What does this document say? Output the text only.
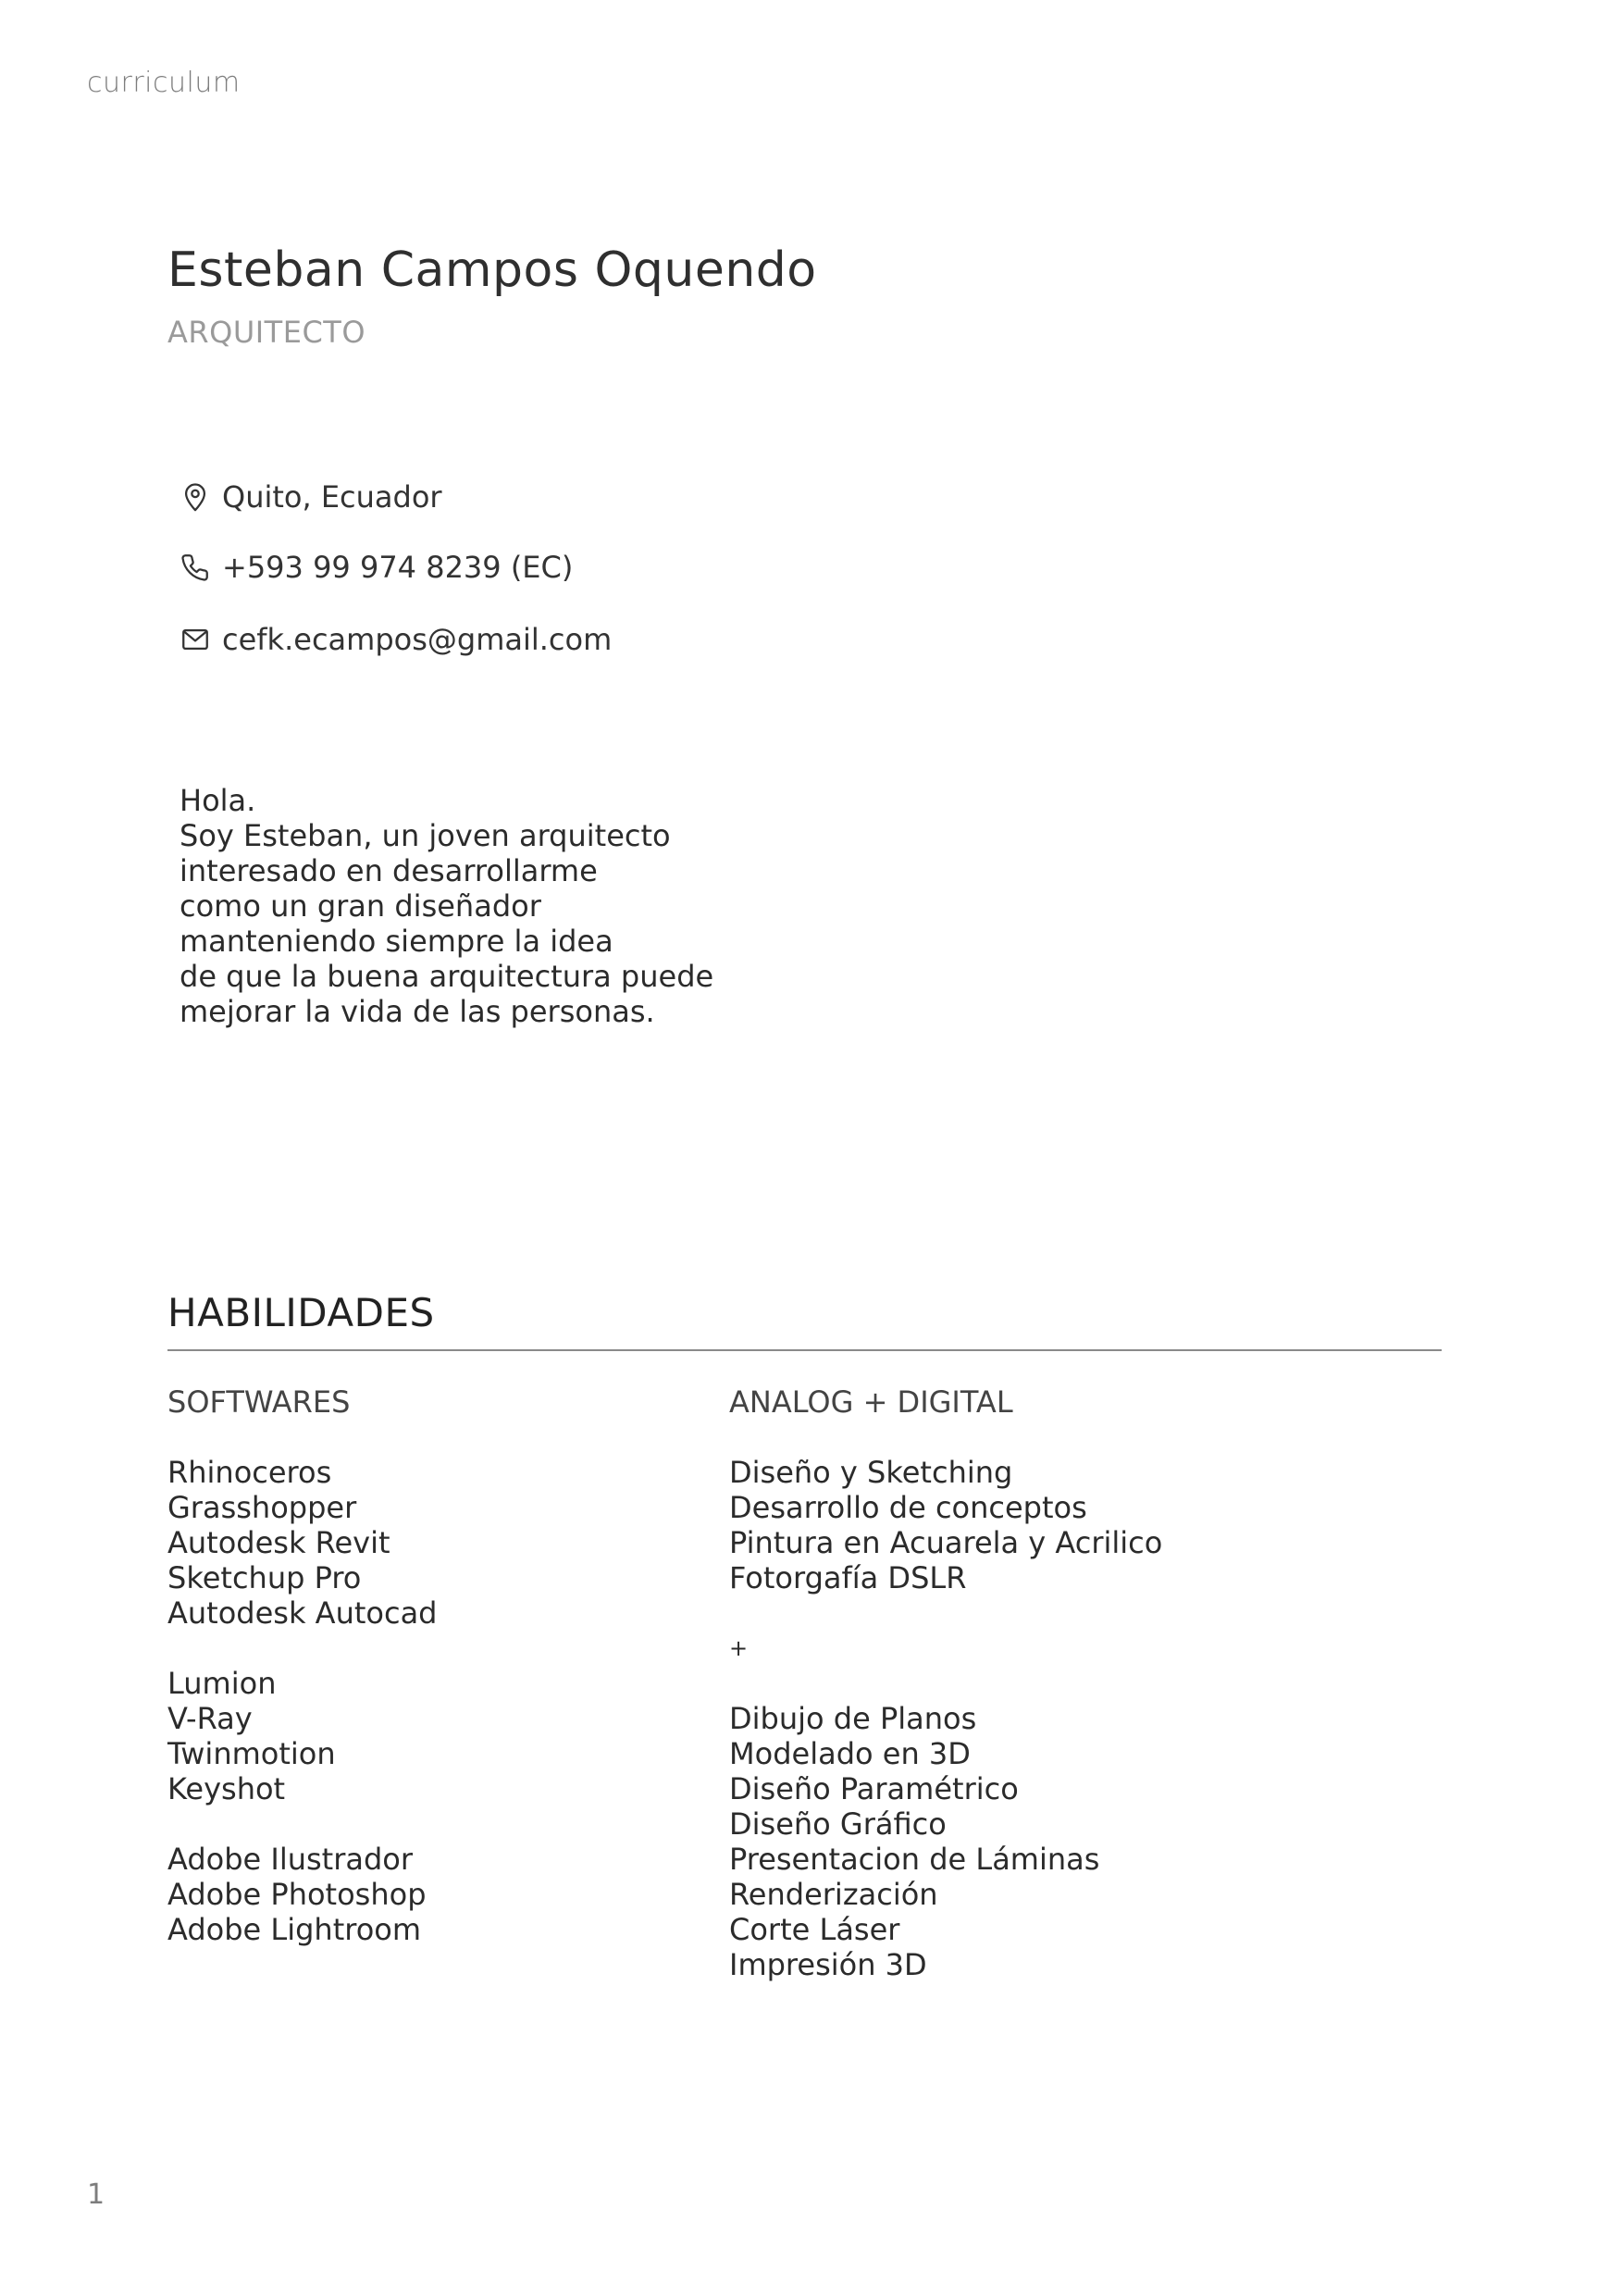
curriculum
Esteban Campos Oquendo
ARQUITECTO
Quito, Ecuador
+593 99 974 8239 (EC)
cefk.ecampos@gmail.com
Hola.
Soy Esteban, un joven arquitecto
interesado en desarrollarme
como un gran diseñador
manteniendo siempre la idea
de que la buena arquitectura puede
mejorar la vida de las personas.
HABILIDADES
SOFTWARES
Rhinoceros
Grasshopper
Autodesk Revit
Sketchup Pro
Autodesk Autocad
Lumion
V-Ray
Twinmotion
Keyshot
Adobe Ilustrador
Adobe Photoshop
Adobe Lightroom
ANALOG + DIGITAL
Diseño y Sketching
Desarrollo de conceptos
Pintura en Acuarela y Acrilico
Fotorgafía DSLR
+
Dibujo de Planos
Modelado en 3D
Diseño Paramétrico
Diseño Gráfico
Presentacion de Láminas
Renderización
Corte Láser
Impresión 3D
1
